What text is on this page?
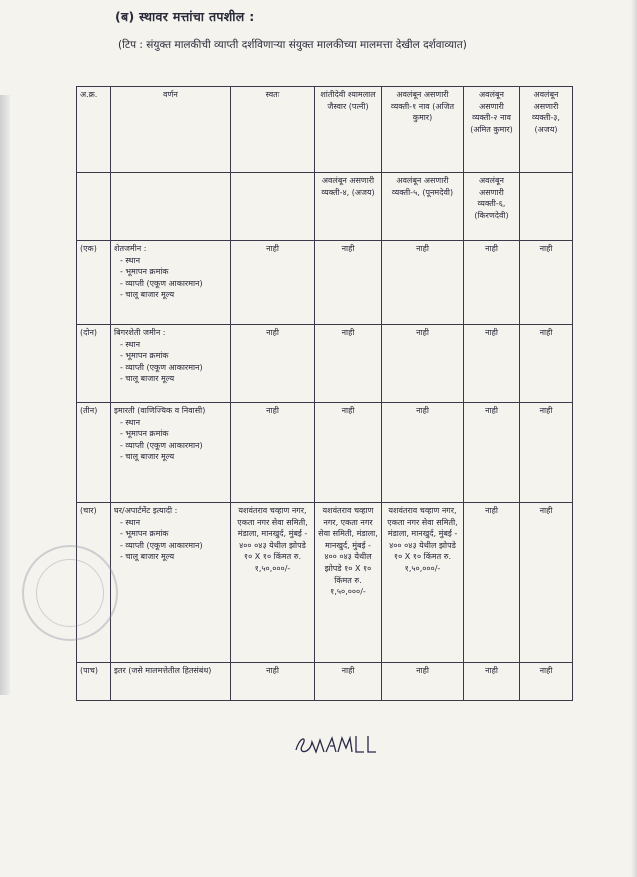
(ब) स्थावर मत्तांचा तपशील :
(टिप : संयुक्त मालकीची व्याप्ती दर्शविणाऱ्या संयुक्त मालकीच्या मालमत्ता देखील दर्शवाव्यात)
अ.क्र.	वर्णन	स्वतः	शांतीदेवी श्यामलाल जैस्वार (पत्नी)	अवलंबून असणारी व्यक्ती-१ नाव (अजित कुमार)	अवलंबून असणारी व्यक्ती-२ नाव (अमित कुमार)	अवलंबून असणारी व्यक्ती-३, (अजय)
			अवलंबून असणारी व्यक्ती-४, (अजय)	अवलंबून असणारी व्यक्ती-५, (पूनमदेवी)	अवलंबून असणारी व्यक्ती-६, (किरणदेवी)	
(एक)	शेतजमीन :
- स्थान
- भूमापन क्रमांक
- व्याप्ती (एकूण आकारमान)
- चालू बाजार मूल्य	नाही	नाही	नाही	नाही	नाही
(दोन)	बिगरशेती जमीन :
- स्थान
- भूमापन क्रमांक
- व्याप्ती (एकूण आकारमान)
- चालू बाजार मूल्य	नाही	नाही	नाही	नाही	नाही
(तीन)	इमारती (वाणिज्यिक व निवासी)
- स्थान
- भूमापन क्रमांक
- व्याप्ती (एकूण आकारमान)
- चालू बाजार मूल्य	नाही	नाही	नाही	नाही	नाही
(चार)	घर/अपार्टमेंट इत्यादी :
- स्थान
- भूमापन क्रमांक
- व्याप्ती (एकूण आकारमान)
- चालू बाजार मूल्य	यशवंतराव चव्हाण नगर, एकता नगर सेवा समिती, मंडाला, मानखुर्द, मुंबई - ४०० ०४३ येथील झोपडे १० X १० किंमत रु. १,५०,०००/-	यशवंतराव चव्हाण नगर, एकता नगर सेवा समिती, मंडाला, मानखुर्द, मुंबई - ४०० ०४३ येथील झोपडे १० X १० किंमत रु. १,५०,०००/-	यशवंतराव चव्हाण नगर, एकता नगर सेवा समिती, मंडाला, मानखुर्द, मुंबई - ४०० ०४३ येथील झोपडे १० X १० किंमत रु. १,५०,०००/-	नाही	नाही
(पाच)	इतर (जसे मालमत्तेतील हितसंबंध)	नाही	नाही	नाही	नाही	नाही
